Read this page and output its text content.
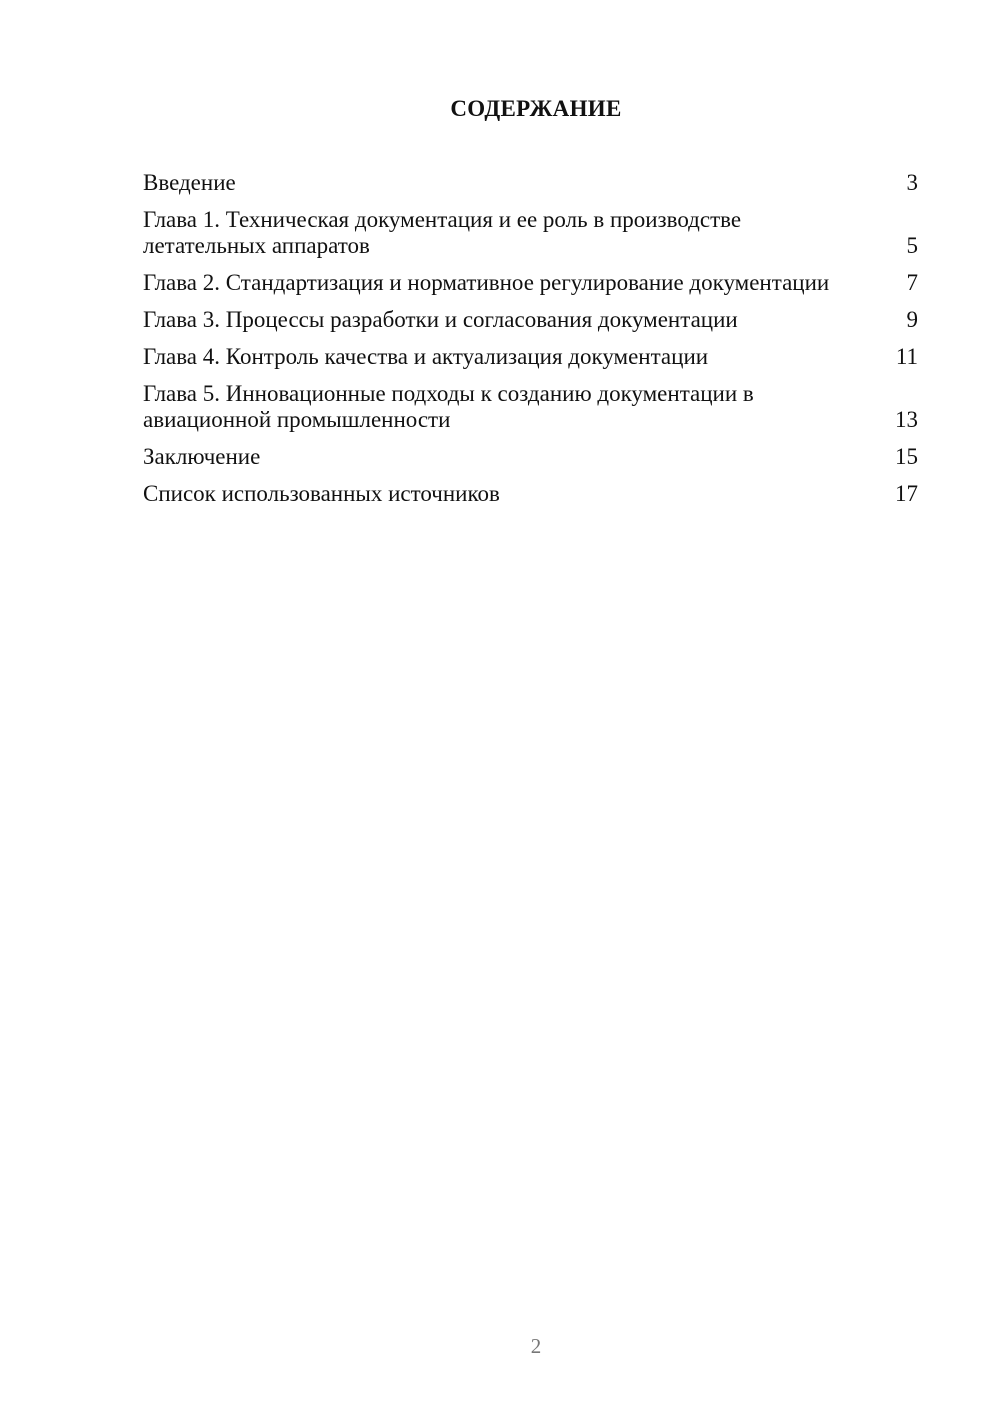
СОДЕРЖАНИЕ
Введение	3
Глава 1. Техническая документация и ее роль в производстве летательных аппаратов	5
Глава 2. Стандартизация и нормативное регулирование документации	7
Глава 3. Процессы разработки и согласования документации	9
Глава 4. Контроль качества и актуализация документации	11
Глава 5. Инновационные подходы к созданию документации в авиационной промышленности	13
Заключение	15
Список использованных источников	17
2
